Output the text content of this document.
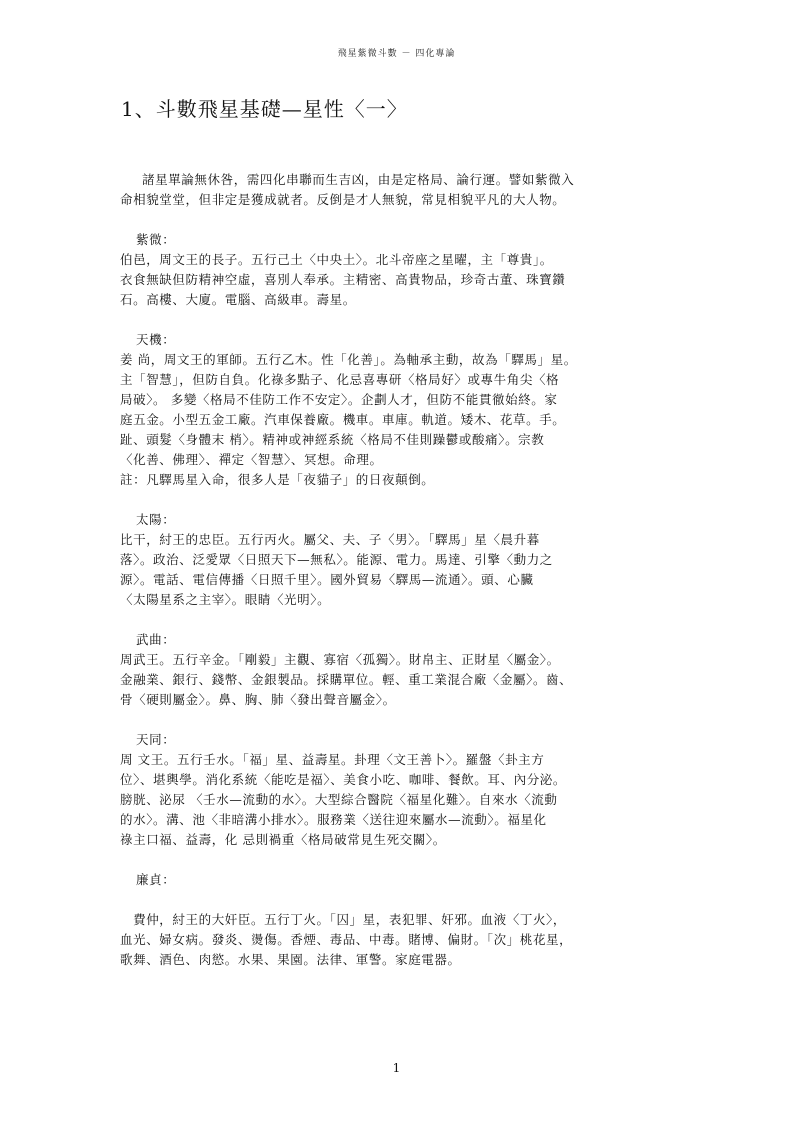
飛星紫微斗數 － 四化專論
1、斗數飛星基礎—星性〈一〉

諸星單論無休咎，需四化串聯而生吉凶，由是定格局、論行運。譬如紫微入

命相貌堂堂，但非定是獲成就者。反倒是才人無貌，常見相貌平凡的大人物。

紫微：

伯邑，周文王的長子。五行己土〈中央土〉。北斗帝座之星曜，主「尊貴」。

衣食無缺但防精神空虛，喜別人奉承。主精密、高貴物品，珍奇古董、珠寶鑽

石。高樓、大廈。電腦、高級車。壽星。

天機：

姜 尚，周文王的軍師。五行乙木。性「化善」。為軸承主動，故為「驛馬」星。

主「智慧」，但防自負。化祿多點子、化忌喜專研〈格局好〉或專牛角尖〈格

局破〉。 多變〈格局不佳防工作不安定〉。企劃人才，但防不能貫徹始終。家

庭五金。小型五金工廠。汽車保養廠。機車。車庫。軌道。矮木、花草。手。

趾、頭髮〈身體末 梢〉。精神或神經系統〈格局不佳則躁鬱或酸痛〉。宗教

〈化善、佛理〉、禪定〈智慧〉、冥想。命理。

註：凡驛馬星入命，很多人是「夜貓子」的日夜顛倒。

太陽：

比干，紂王的忠臣。五行丙火。屬父、夫、子〈男〉。「驛馬」星〈晨升暮

落〉。政治、泛愛眾〈日照天下—無私〉。能源、電力。馬達、引擎〈動力之

源〉。電話、電信傳播〈日照千里〉。國外貿易〈驛馬—流通〉。頭、心臟

〈太陽星系之主宰〉。眼睛〈光明〉。

武曲：

周武王。五行辛金。「剛毅」主觀、寡宿〈孤獨〉。財帛主、正財星〈屬金〉。

金融業、銀行、錢幣、金銀製品。採購單位。輕、重工業混合廠〈金屬〉。齒、

骨〈硬則屬金〉。鼻、胸、肺〈發出聲音屬金〉。

天同：

周 文王。五行壬水。「福」星、益壽星。卦理〈文王善卜〉。羅盤〈卦主方

位〉、堪輿學。消化系統〈能吃是福〉、美食小吃、咖啡、餐飲。耳、內分泌。

膀胱、泌尿 〈壬水—流動的水〉。大型綜合醫院〈福星化難〉。自來水〈流動

的水〉。溝、池〈非暗溝小排水〉。服務業〈送往迎來屬水—流動〉。福星化

祿主口福、益壽，化 忌則禍重〈格局破常見生死交關〉。

廉貞：

　費仲，紂王的大奸臣。五行丁火。「囚」星，表犯罪、奸邪。血液〈丁火〉，

血光、婦女病。發炎、燙傷。香煙、毒品、中毒。賭博、偏財。「次」桃花星，

歌舞、酒色、肉慾。水果、果園。法律、軍警。家庭電器。

1
